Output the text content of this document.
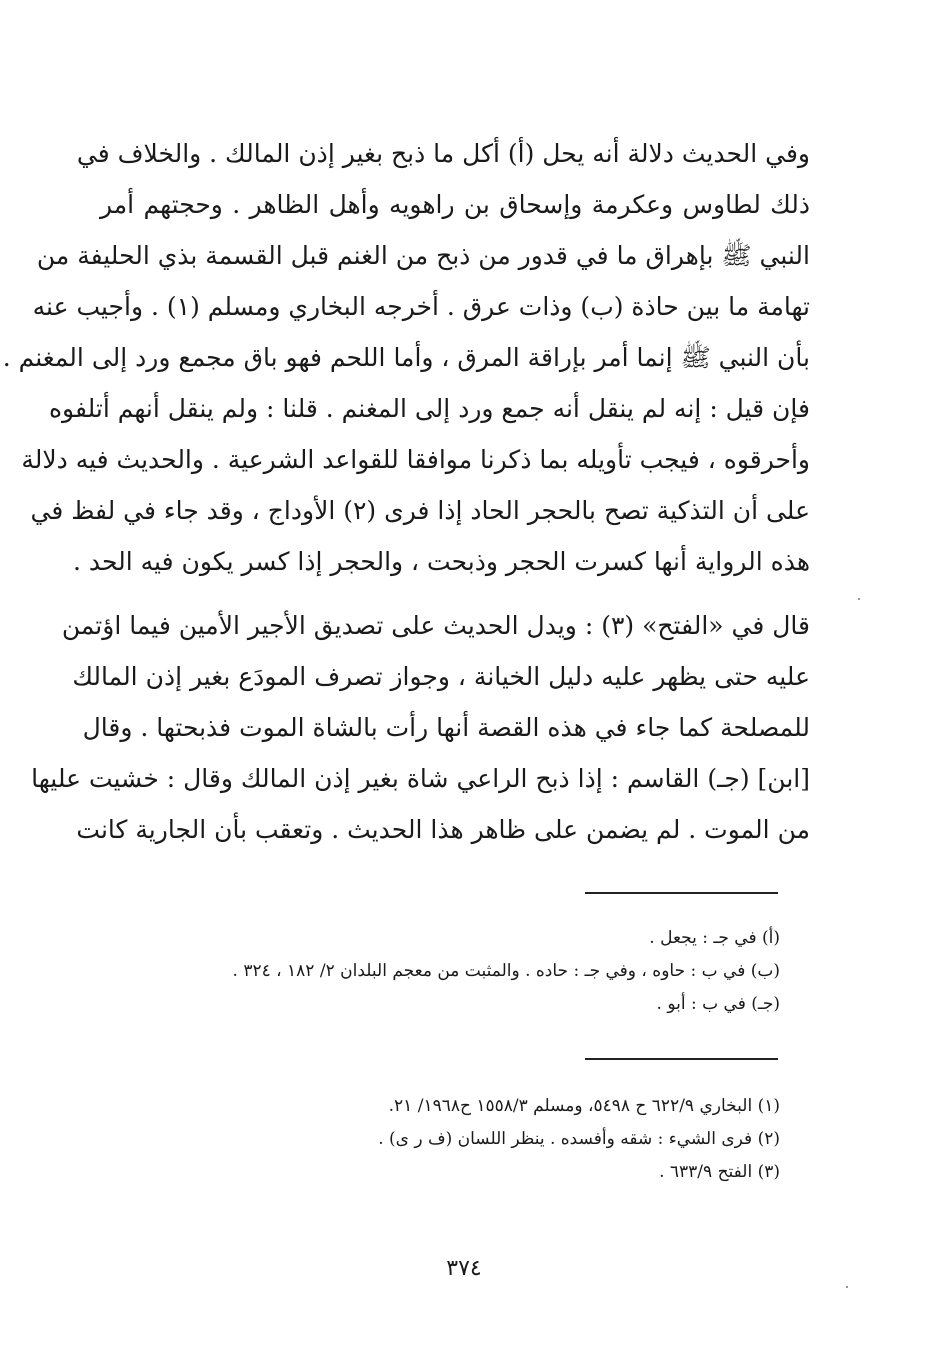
وفي الحديث دلالة أنه يحل (أ) أكل ما ذبح بغير إذن المالك . والخلاف في
ذلك لطاوس وعكرمة وإسحاق بن راهويه وأهل الظاهر . وحجتهم أمر
النبي ﷺ بإهراق ما في قدور من ذبح من الغنم قبل القسمة بذي الحليفة من
تهامة ما بين حاذة (ب) وذات عرق . أخرجه البخاري ومسلم (١) . وأجيب عنه
بأن النبي ﷺ إنما أمر بإراقة المرق ، وأما اللحم فهو باق مجمع ورد إلى المغنم .
فإن قيل : إنه لم ينقل أنه جمع ورد إلى المغنم . قلنا : ولم ينقل أنهم أتلفوه
وأحرقوه ، فيجب تأويله بما ذكرنا موافقا للقواعد الشرعية . والحديث فيه دلالة
على أن التذكية تصح بالحجر الحاد إذا فرى (٢) الأوداج ، وقد جاء في لفظ في
هذه الرواية أنها كسرت الحجر وذبحت ، والحجر إذا كسر يكون فيه الحد .
قال في «الفتح» (٣) : ويدل الحديث على تصديق الأجير الأمين فيما اؤتمن
عليه حتى يظهر عليه دليل الخيانة ، وجواز تصرف المودَع بغير إذن المالك
للمصلحة كما جاء في هذه القصة أنها رأت بالشاة الموت فذبحتها . وقال
[ابن] (جـ) القاسم : إذا ذبح الراعي شاة بغير إذن المالك وقال : خشيت عليها
من الموت . لم يضمن على ظاهر هذا الحديث . وتعقب بأن الجارية كانت
(أ) في جـ : يجعل .
(ب) في ب : حاوه ، وفي جـ : حاده . والمثبت من معجم البلدان ٢/ ١٨٢ ، ٣٢٤ .
(جـ) في ب : أبو .
(١) البخاري ٦٢٢/٩ ح ٥٤٩٨، ومسلم ١٥٥٨/٣ ح١٩٦٨/ ٢١.
(٢) فرى الشيء : شقه وأفسده . ينظر اللسان (ف ر ى) .
(٣) الفتح ٦٣٣/٩ .
٣٧٤
